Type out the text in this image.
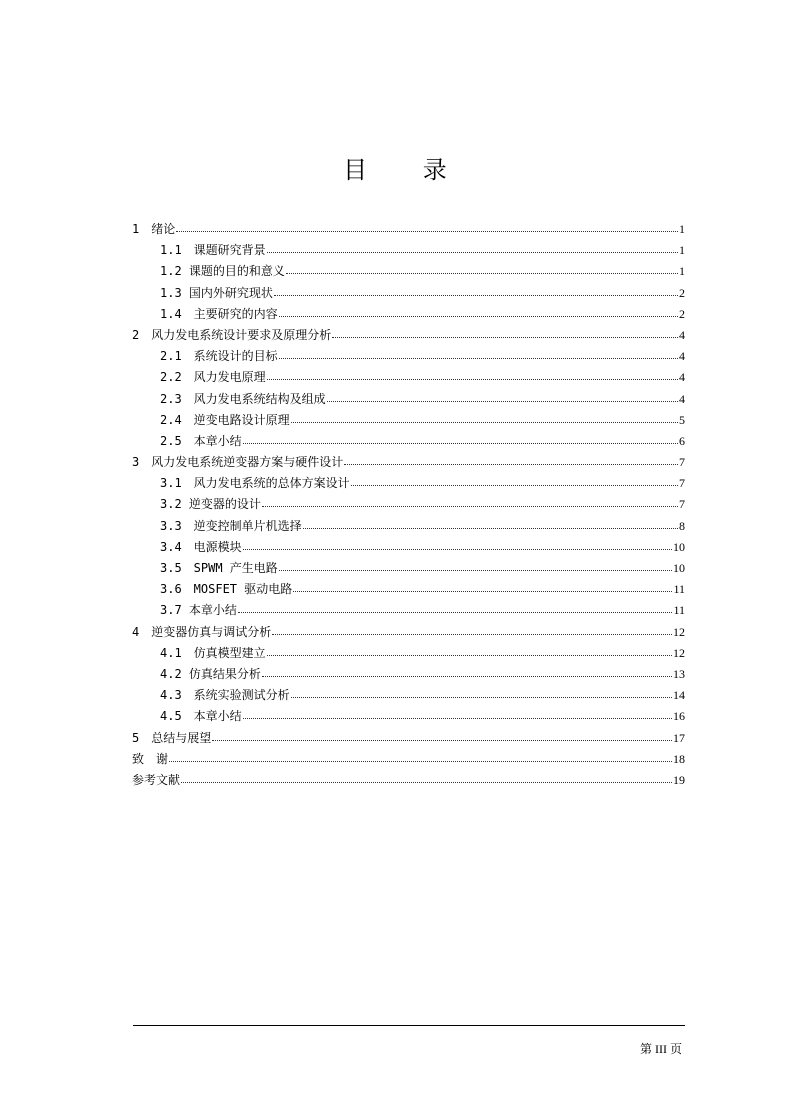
目 录
1　绪论	1
1.1　课题研究背景	1
1.2 课题的目的和意义	1
1.3 国内外研究现状	2
1.4　主要研究的内容	2
2　风力发电系统设计要求及原理分析	4
2.1　系统设计的目标	4
2.2　风力发电原理	4
2.3　风力发电系统结构及组成	4
2.4　逆变电路设计原理	5
2.5　本章小结	6
3　风力发电系统逆变器方案与硬件设计	7
3.1　风力发电系统的总体方案设计	7
3.2 逆变器的设计	7
3.3　逆变控制单片机选择	8
3.4　电源模块	10
3.5　SPWM 产生电路	10
3.6　MOSFET 驱动电路	11
3.7 本章小结	11
4　逆变器仿真与调试分析	12
4.1　仿真模型建立	12
4.2 仿真结果分析	13
4.3　系统实验测试分析	14
4.5　本章小结	16
5　总结与展望	17
致　谢	18
参考文献	19
第 III 页
